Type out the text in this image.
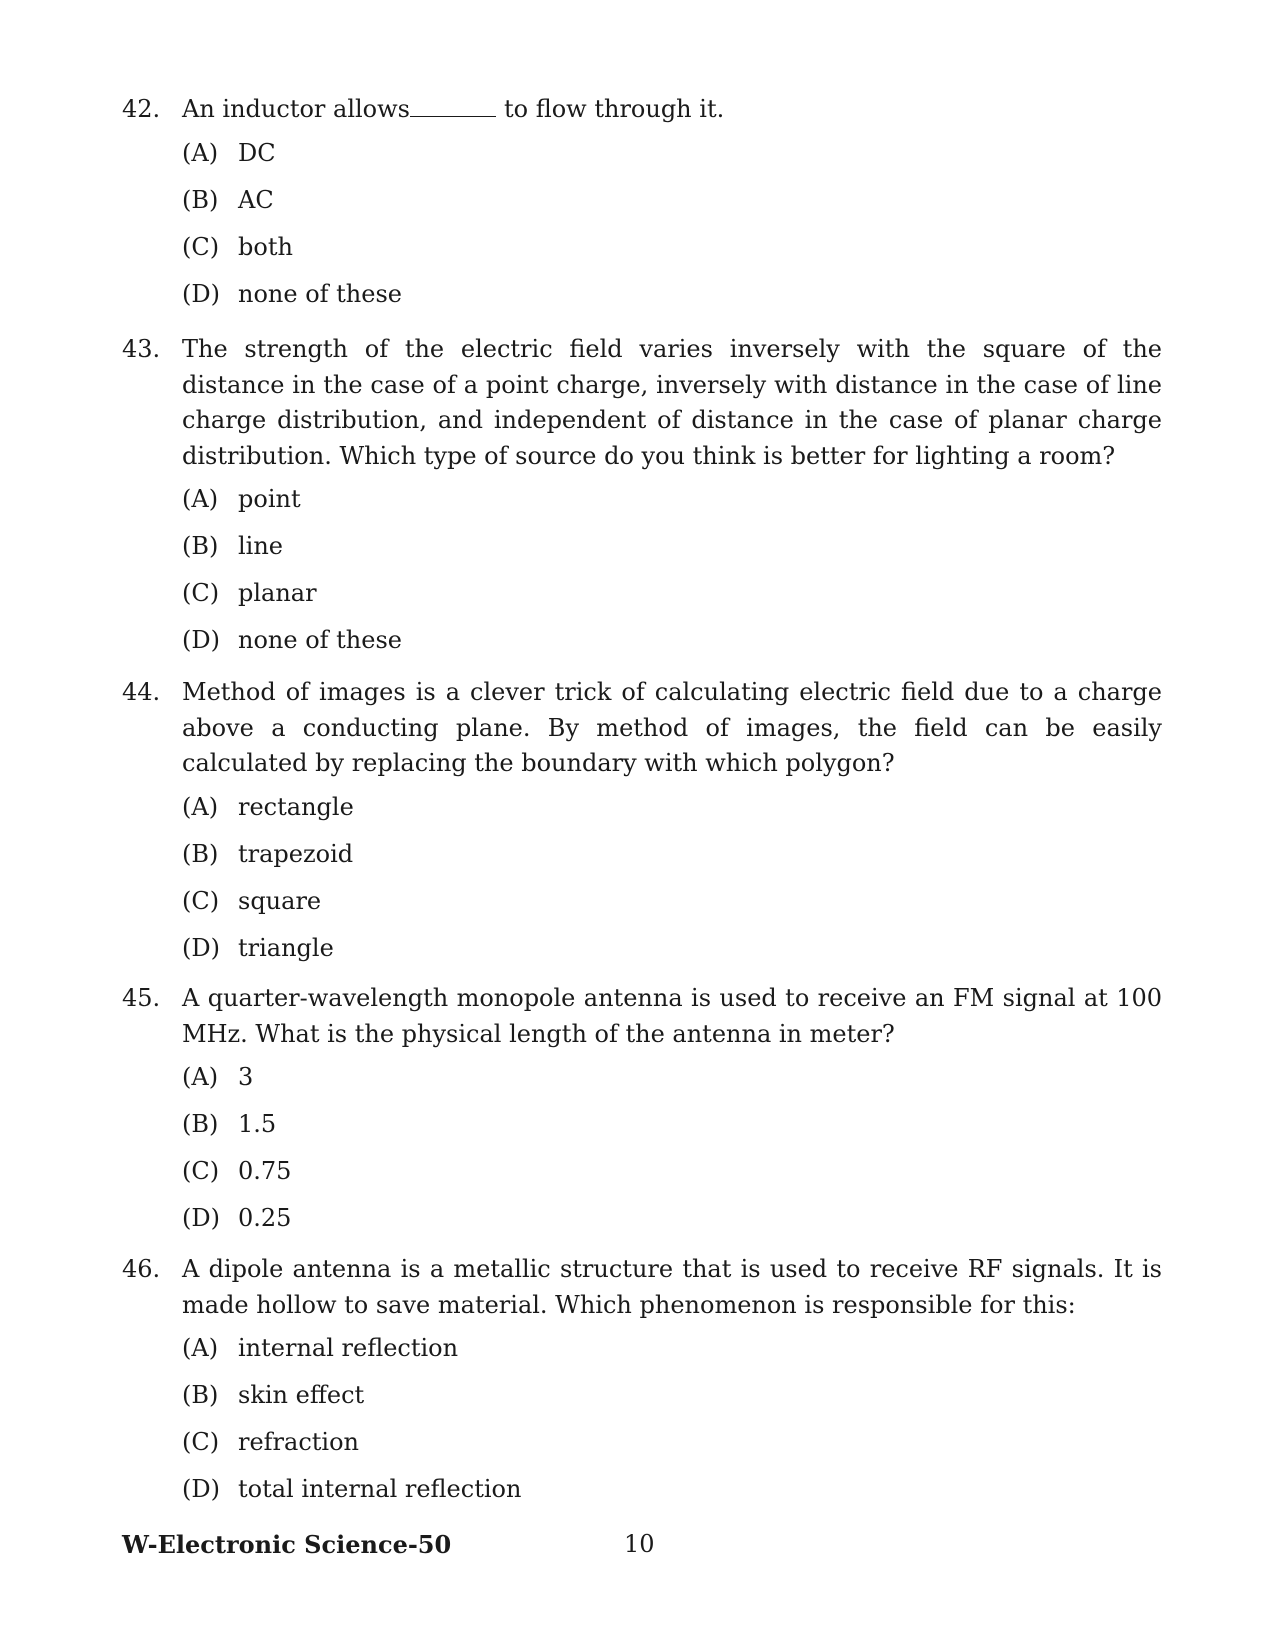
42. An inductor allows	to flow through it.
(A) DC
(B) AC
(C) both
(D) none of these
43. The strength of the electric field varies inversely with the square of the distance in the case of a point charge, inversely with distance in the case of line charge distribution, and independent of distance in the case of planar charge distribution. Which type of source do you think is better for lighting a room?
(A) point
(B) line
(C) planar
(D) none of these
44. Method of images is a clever trick of calculating electric field due to a charge above a conducting plane. By method of images, the field can be easily calculated by replacing the boundary with which polygon?
(A) rectangle
(B) trapezoid
(C) square
(D) triangle
45. A quarter-wavelength monopole antenna is used to receive an FM signal at 100 MHz. What is the physical length of the antenna in meter?
(A) 3
(B) 1.5
(C) 0.75
(D) 0.25
46. A dipole antenna is a metallic structure that is used to receive RF signals. It is made hollow to save material. Which phenomenon is responsible for this:
(A) internal reflection
(B) skin effect
(C) refraction
(D) total internal reflection
W-Electronic Science-50	10
